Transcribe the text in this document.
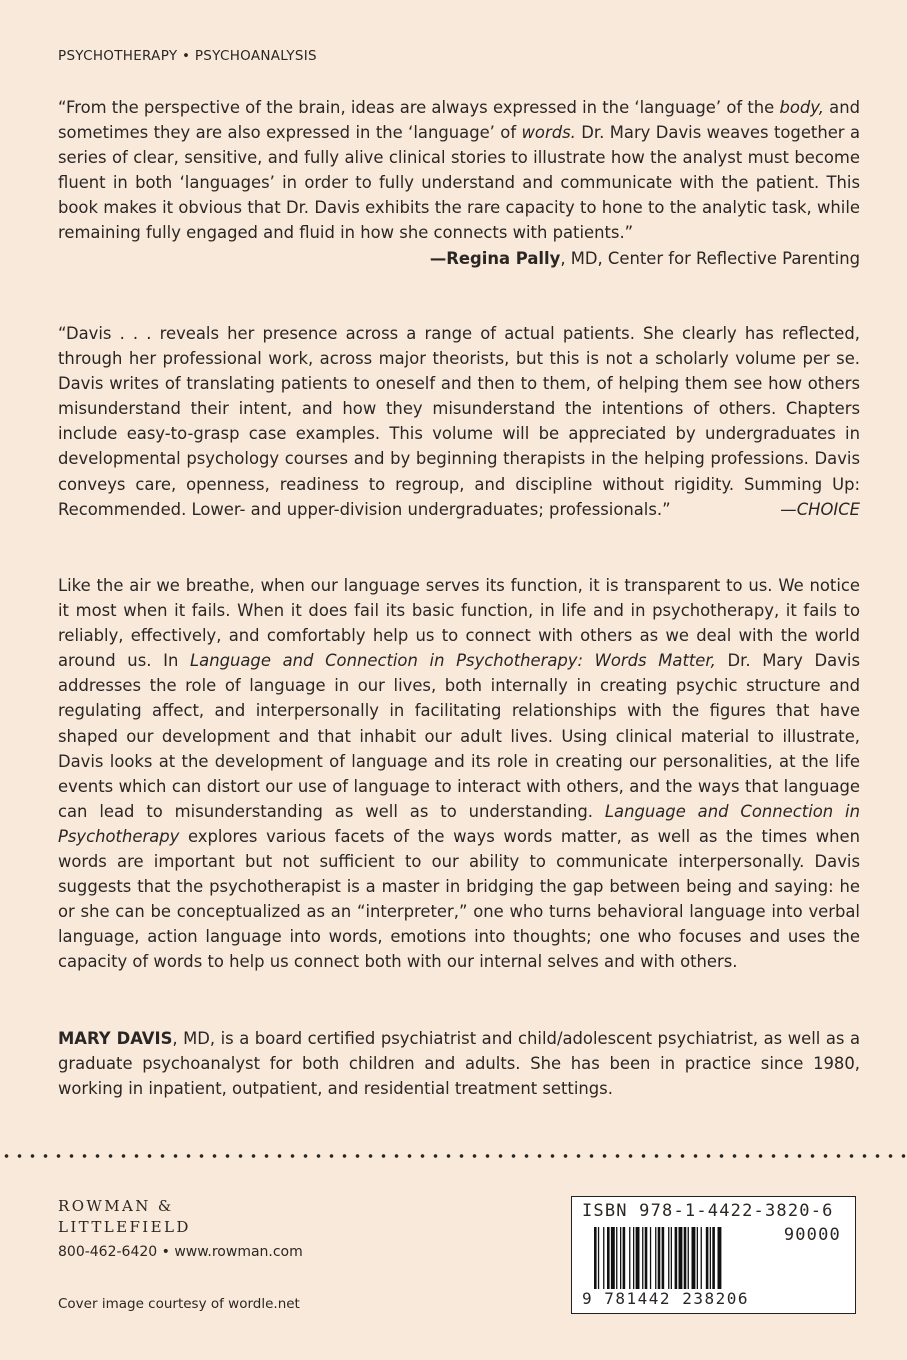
PSYCHOTHERAPY • PSYCHOANALYSIS

“From the perspective of the brain, ideas are always expressed in the ‘language’ of the body, and sometimes they are also expressed in the ‘language’ of words. Dr. Mary Davis weaves together a series of clear, sensitive, and fully alive clinical stories to illustrate how the analyst must become fluent in both ‘languages’ in order to fully understand and communicate with the patient. This book makes it obvious that Dr. Davis exhibits the rare capacity to hone to the analytic task, while remaining fully engaged and fluid in how she connects with patients.”

—Regina Pally, MD, Center for Reflective Parenting

“Davis . . . reveals her presence across a range of actual patients. She clearly has reflected, through her professional work, across major theorists, but this is not a scholarly volume per se. Davis writes of translating patients to oneself and then to them, of helping them see how others misunderstand their intent, and how they misunderstand the intentions of others. Chapters include easy-to-grasp case examples. This volume will be appreciated by undergraduates in developmental psychology courses and by beginning therapists in the helping professions. Davis conveys care, openness, readiness to regroup, and discipline without rigidity. Summing Up: Recommended. Lower- and upper-division undergraduates; professionals.”	—CHOICE

Like the air we breathe, when our language serves its function, it is transparent to us. We notice it most when it fails. When it does fail its basic function, in life and in psychotherapy, it fails to reliably, effectively, and comfortably help us to connect with others as we deal with the world around us. In Language and Connection in Psychotherapy: Words Matter, Dr. Mary Davis addresses the role of language in our lives, both internally in creating psychic structure and regulating affect, and interpersonally in facilitating relationships with the figures that have shaped our development and that inhabit our adult lives. Using clinical material to illustrate, Davis looks at the development of language and its role in creating our personalities, at the life events which can distort our use of language to interact with others, and the ways that language can lead to misunderstanding as well as to understanding. Language and Connection in Psychotherapy explores various facets of the ways words matter, as well as the times when words are important but not sufficient to our ability to communicate interpersonally. Davis suggests that the psychotherapist is a master in bridging the gap between being and saying: he or she can be conceptualized as an “interpreter,” one who turns behavioral language into verbal language, action language into words, emotions into thoughts; one who focuses and uses the capacity of words to help us connect both with our internal selves and with others.

MARY DAVIS, MD, is a board certified psychiatrist and child/adolescent psychiatrist, as well as a graduate psychoanalyst for both children and adults. She has been in practice since 1980, working in inpatient, outpatient, and residential treatment settings.

ROWMAN &
LITTLEFIELD
800-462-6420 • www.rowman.com
Cover image courtesy of wordle.net
ISBN 978-1-4422-3820-6
90000
9 781442 238206
